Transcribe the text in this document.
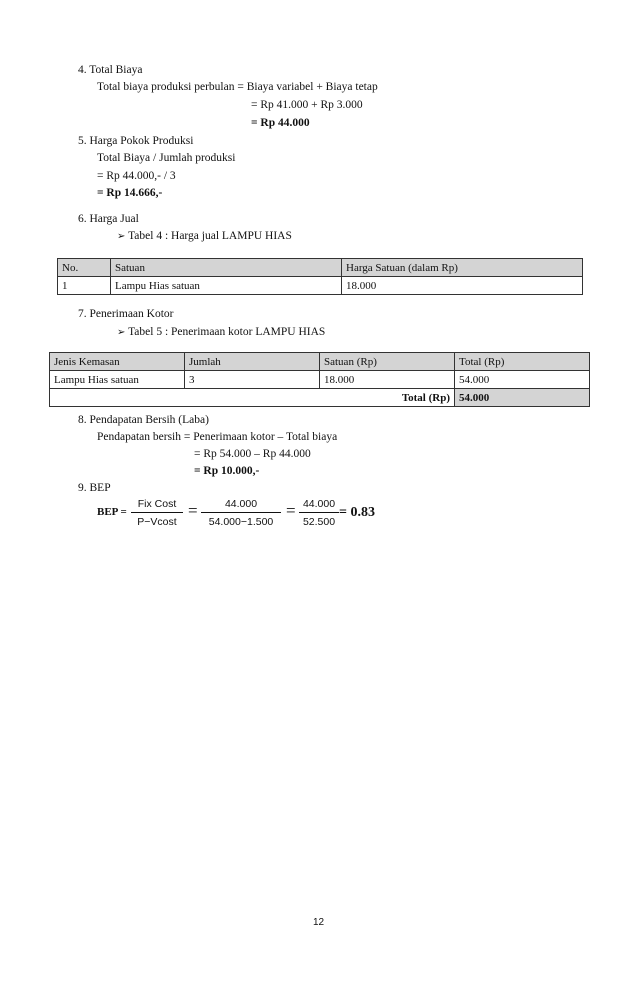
4. Total Biaya
Total biaya produksi perbulan = Biaya variabel + Biaya tetap
= Rp 41.000 + Rp 3.000
= Rp 44.000
5. Harga Pokok Produksi
Total Biaya / Jumlah produksi
= Rp 44.000,- / 3
= Rp 14.666,-
6. Harga Jual
➢ Tabel 4 : Harga jual LAMPU HIAS
No.	Satuan	Harga Satuan (dalam Rp)
1	Lampu Hias satuan	18.000
7. Penerimaan Kotor
➢ Tabel 5 : Penerimaan kotor LAMPU HIAS
Jenis Kemasan	Jumlah	Satuan (Rp)	Total (Rp)
Lampu Hias satuan	3	18.000	54.000
Total (Rp)			54.000
8. Pendapatan Bersih (Laba)
Pendapatan bersih = Penerimaan kotor – Total biaya
= Rp 54.000 – Rp 44.000
= Rp 10.000,-
9. BEP
BEP =
Fix Cost
P−Vcost
= $\frac{44.000}{54.000-1.500} = \frac{44.000}{52.500} = 0.83$
12
